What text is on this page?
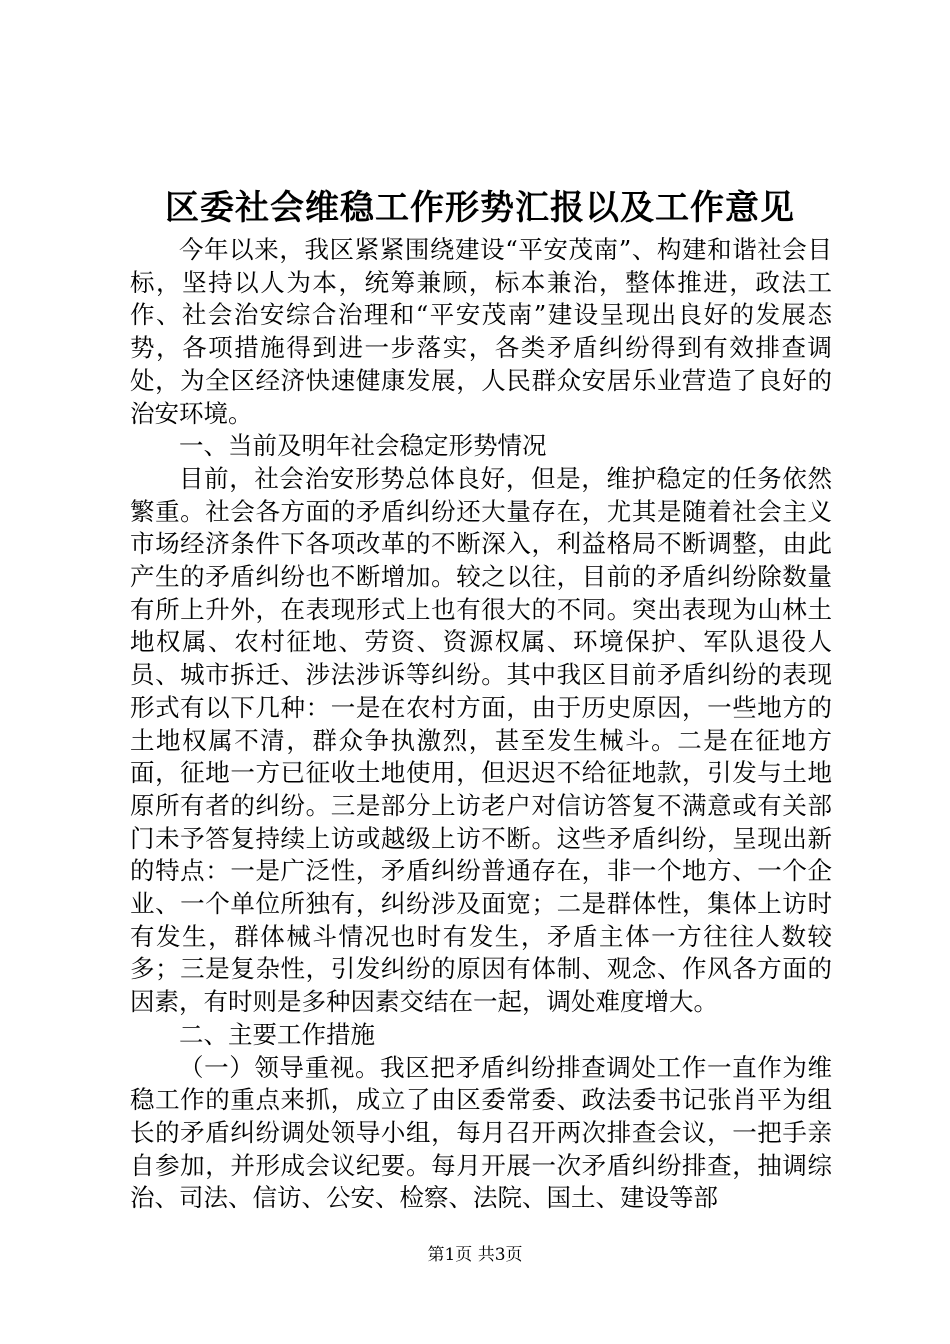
区委社会维稳工作形势汇报以及工作意见

今年以来，我区紧紧围绕建设“平安茂南”、构建和谐社会目标，坚持以人为本，统筹兼顾，标本兼治，整体推进，政法工作、社会治安综合治理和“平安茂南”建设呈现出良好的发展态势，各项措施得到进一步落实，各类矛盾纠纷得到有效排查调处，为全区经济快速健康发展，人民群众安居乐业营造了良好的治安环境。

一、当前及明年社会稳定形势情况

目前，社会治安形势总体良好，但是，维护稳定的任务依然繁重。社会各方面的矛盾纠纷还大量存在，尤其是随着社会主义市场经济条件下各项改革的不断深入，利益格局不断调整，由此产生的矛盾纠纷也不断增加。较之以往，目前的矛盾纠纷除数量有所上升外，在表现形式上也有很大的不同。突出表现为山林土地权属、农村征地、劳资、资源权属、环境保护、军队退役人员、城市拆迁、涉法涉诉等纠纷。其中我区目前矛盾纠纷的表现形式有以下几种：一是在农村方面，由于历史原因，一些地方的土地权属不清，群众争执激烈，甚至发生械斗。二是在征地方面，征地一方已征收土地使用，但迟迟不给征地款，引发与土地原所有者的纠纷。三是部分上访老户对信访答复不满意或有关部门未予答复持续上访或越级上访不断。这些矛盾纠纷，呈现出新的特点：一是广泛性，矛盾纠纷普通存在，非一个地方、一个企业、一个单位所独有，纠纷涉及面宽；二是群体性，集体上访时有发生，群体械斗情况也时有发生，矛盾主体一方往往人数较多；三是复杂性，引发纠纷的原因有体制、观念、作风各方面的因素，有时则是多种因素交结在一起，调处难度增大。

二、主要工作措施

（一）领导重视。我区把矛盾纠纷排查调处工作一直作为维稳工作的重点来抓，成立了由区委常委、政法委书记张肖平为组长的矛盾纠纷调处领导小组，每月召开两次排查会议，一把手亲自参加，并形成会议纪要。每月开展一次矛盾纠纷排查，抽调综治、司法、信访、公安、检察、法院、国土、建设等部

第1页 共3页
